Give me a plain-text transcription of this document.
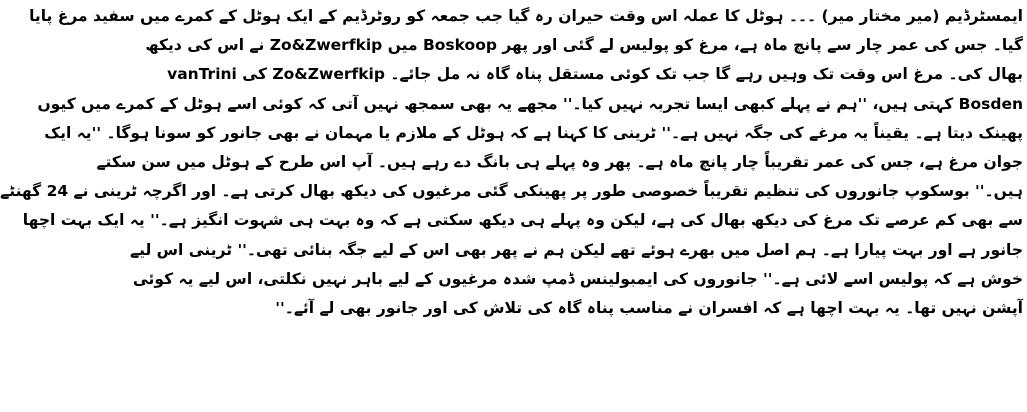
ایمسٹرڈیم (میر مختار میر) ۔۔۔ ہوٹل کا عملہ اس وقت حیران رہ گیا جب جمعہ کو روٹرڈیم کے ایک ہوٹل کے کمرے میں سفید مرغ پایا
گیا۔ جس کی عمر چار سے پانچ ماہ ہے، مرغ کو پولیس لے گئی اور پھر Boskoop میں Zo&Zwerfkip نے اس کی دیکھ
بھال کی۔ مرغ اس وقت تک وہیں رہے گا جب تک کوئی مستقل پناہ گاہ نہ مل جائے۔ Zo&Zwerfkip کی vanTrini
Bosden کہتی ہیں، ''ہم نے پہلے کبھی ایسا تجربہ نہیں کیا۔'' مجھے یہ بھی سمجھ نہیں آتی کہ کوئی اسے ہوٹل کے کمرے میں کیوں
پھینک دیتا ہے۔ یقیناً یہ مرغے کی جگہ نہیں ہے۔'' ٹرینی کا کہنا ہے کہ ہوٹل کے ملازم یا مہمان نے بھی جانور کو سونا ہوگا۔ ''یہ ایک
جوان مرغ ہے، جس کی عمر تقریباً چار پانچ ماہ ہے۔ پھر وہ پہلے ہی بانگ دے رہے ہیں۔ آپ اس طرح کے ہوٹل میں سن سکتے
ہیں۔'' بوسکوپ جانوروں کی تنظیم تقریباً خصوصی طور پر پھینکی گئی مرغیوں کی دیکھ بھال کرتی ہے۔ اور اگرچہ ٹرینی نے 24 گھنٹے
سے بھی کم عرصے تک مرغ کی دیکھ بھال کی ہے، لیکن وہ پہلے ہی دیکھ سکتی ہے کہ وہ بہت ہی شہوت انگیز ہے۔'' یہ ایک بہت اچھا
جانور ہے اور بہت پیارا ہے۔ ہم اصل میں بھرے ہوئے تھے لیکن ہم نے پھر بھی اس کے لیے جگہ بنائی تھی۔'' ٹرینی اس لیے
خوش ہے کہ پولیس اسے لائی ہے۔'' جانوروں کی ایمبولینس ڈمپ شدہ مرغیوں کے لیے باہر نہیں نکلتی، اس لیے یہ کوئی
آپشن نہیں تھا۔ یہ بہت اچھا ہے کہ افسران نے مناسب پناہ گاہ کی تلاش کی اور جانور بھی لے آئے۔''
